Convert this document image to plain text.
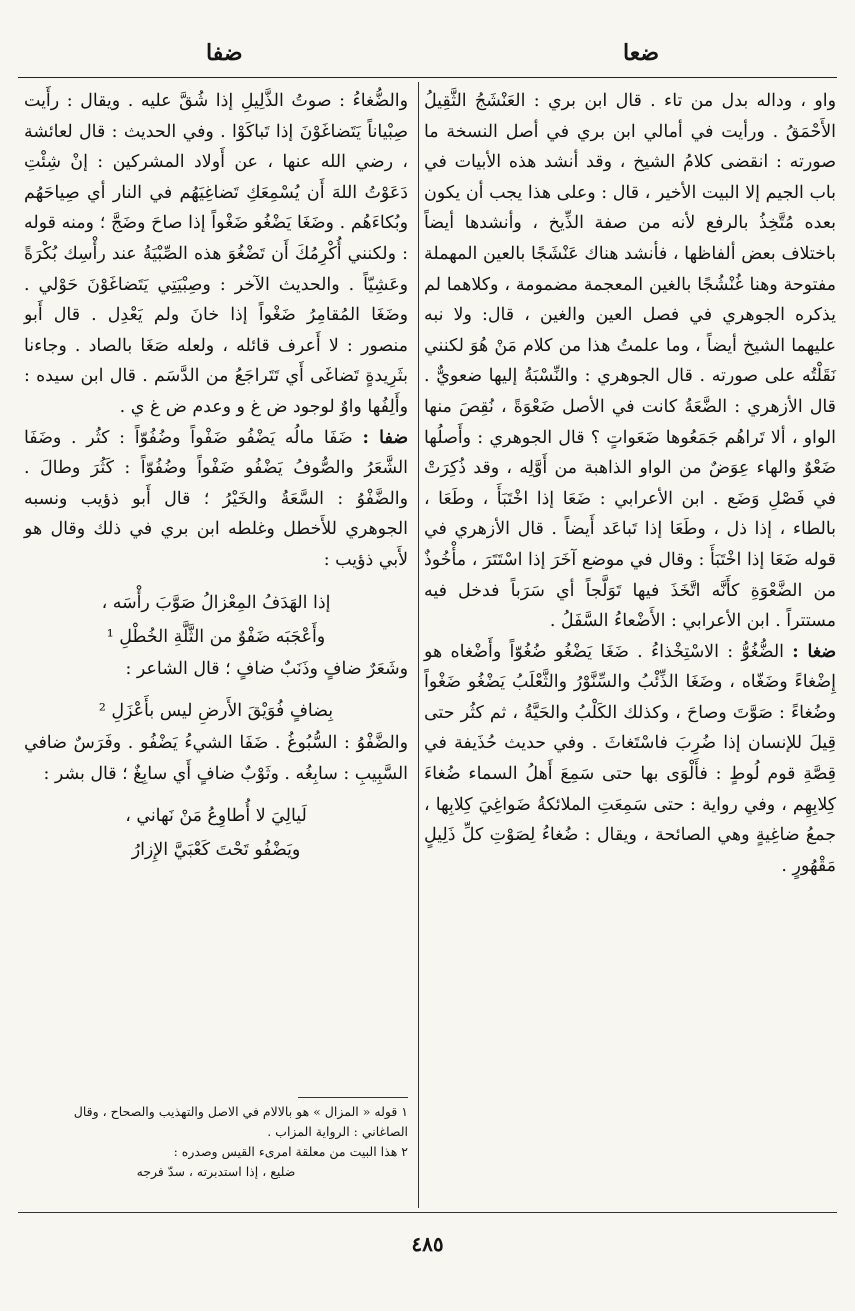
ضعا
ضفا

واو ، وداله بدل من تاء . قال ابن بري : العَنْشَجُ الثَّقِيلُ الأَحْمَقُ . ورأيت في أمالي ابن بري في أصل النسخة ما صورته : انقضى كلامُ الشيخ ، وقد أنشد هذه الأبيات في باب الجيم إلا البيت الأخير ، قال : وعلى هذا يجب أن يكون بعده مُتَّخِذُ بالرفع لأنه من صفة الذِّيخ ، وأنشدها أيضاً باختلاف بعض ألفاظها ، فأنشد هناك عَنْشَجًا بالعين المهملة مفتوحة وهنا غُنْشُجًا بالغين المعجمة مضمومة ، وكلاهما لم يذكره الجوهري في فصل العين والغين ، قال: ولا نبه عليهما الشيخ أيضاً ، وما علمتُ هذا من كلام مَنْ هُوَ لكنني نَقَلْتُه على صورته . قال الجوهري : والنِّسْبَةُ إليها ضعويٌّ . قال الأزهري : الضَّعَةُ كانت في الأصل ضَعْوَةً ، نُقِصَ منها الواو ، ألا تَراهُم جَمَعُوها ضَعَواتٍ ؟ قال الجوهري : وأَصلُها ضَعْوٌ والهاء عِوَضٌ من الواو الذاهبة من أَوَّلِه ، وقد ذُكِرَتْ في فَصْلِ وَضَع . ابن الأعرابي : ضَعَا إذا اخْتَبَأَ ، وطَعَا ، بالطاء ، إذا ذل ، وطَعَا إذا تَباعَد أَيضاً . قال الأزهري في قوله ضَعَا إذا اخْتَبَأَ : وقال في موضع آخَرَ إذا اسْتَتَرَ ، مأْخُوذٌ من الضَّعْوَةِ كأَنَّه اتَّخَذَ فيها تَوَلَّجاً أي سَرَباً فدخل فيه مستتراً . ابن الأعرابي : الأَضْعاءُ السَّفَلُ .

ضغا : الضُّغُوُّ : الاسْتِخْذاءُ . ضَغَا يَضْغُو ضُغُوّاً وأَضْغاه هو إِضْغاءً وضَغّاه ، وضَغَا الذِّئْبُ والسِّنَّوْرُ والثَّعْلَبُ يَضْغُو ضَغْواً وضُغاءً : صَوَّتَ وصاحَ ، وكذلك الكَلْبُ والحَيَّةُ ، ثم كثُر حتى قِيلَ للإنسان إذا ضُرِبَ فاسْتَغاثَ . وفي حديث حُذَيفة في قِصَّةِ قوم لُوطٍ : فأَلْوَى بها حتى سَمِعَ أَهلُ السماء ضُغاءَ كِلابِهِم ، وفي رواية : حتى سَمِعَتِ الملائكةُ ضَواغِيَ كِلابِها ، جمعُ ضاغِيةٍ وهي الصائحة ، ويقال : ضُغاءُ لِصَوْتِ كلِّ ذَلِيلٍ مَقْهُورٍ .

والضُّغاءُ : صوتُ الذَّلِيلِ إذا شُقَّ عليه . ويقال : رأَيت صِبْياناً يَتَضاغَوْنَ إذا تَباكَوْا . وفي الحديث : قال لعائشة ، رضي الله عنها ، عن أَولاد المشركين : إنْ شِئْتِ دَعَوْتُ اللهَ أَن يُسْمِعَكِ تَضاغِيَهُم في النار أي صِياحَهُم وبُكاءَهُم . وضَغَا يَضْغُو ضَغْواً إذا صاحَ وضَجَّ ؛ ومنه قوله : ولكنني أُكْرِمُكَ أَن تَضْغُوَ هذه الصِّبْيَةُ عند رأْسِك بُكْرَةً وعَشِيّاً . والحديث الآخر : وصِبْيَتِي يَتَضاغَوْنَ حَوْلي . وضَغَا المُقامِرُ ضَغْواً إذا خانَ ولم يَعْدِل . قال أَبو منصور : لا أَعرف قائله ، ولعله صَغَا بالصاد . وجاءنا بثَرِيدةٍ تَضاغَى أَي تَتَراجَعُ من الدَّسَم . قال ابن سيده : وأَلِفُها واوٌ لوجود ض غ و وعدم ض غ ي .

ضفا : ضَفَا مالُه يَضْفُو ضَفْواً وضُفُوّاً : كثُر . وضَفَا الشَّعَرُ والصُّوفُ يَضْفُو ضَفْواً وضُفُوّاً : كَثُرَ وطالَ . والضَّفْوُ : السَّعَةُ والخَيْرُ ؛ قال أَبو ذؤيب ونسبه الجوهري للأَخطل وغلطه ابن بري في ذلك وقال هو لأَبي ذؤيب :

إذا الهَدَفُ المِعْزالُ صَوَّبَ رأْسَه ،
وأَعْجَبَه ضَفْوٌ من الثَّلَّةِ الخُطْلِ ¹

وشَعَرٌ ضافٍ وذَنَبٌ ضافٍ ؛ قال الشاعر :

بِضافٍ فُوَيْقَ الأَرضِ ليس بأَعْزَلِ ²

والضَّفْوُ : السُّبُوغُ . ضَفَا الشيءُ يَضْفُو . وفَرَسٌ ضافي السَّبِيبِ : سابِغُه . وثَوْبٌ ضافٍ أَي سابِغٌ ؛ قال بشر :

لَيالِيَ لا أُطاوِعُ مَنْ نَهاني ،
ويَضْفُو تَحْتَ كَعْبَيَّ الإِزارُ
١ قوله « المزال » هو بالالام في الاصل والتهذيب والصحاح ، وقال الصاغاني : الرواية المزاب .
٢ هذا البيت من معلقة امرىء القيس وصدره :
ضليع ، إذا استدبرته ، سدّ فرجه
٤٨٥
